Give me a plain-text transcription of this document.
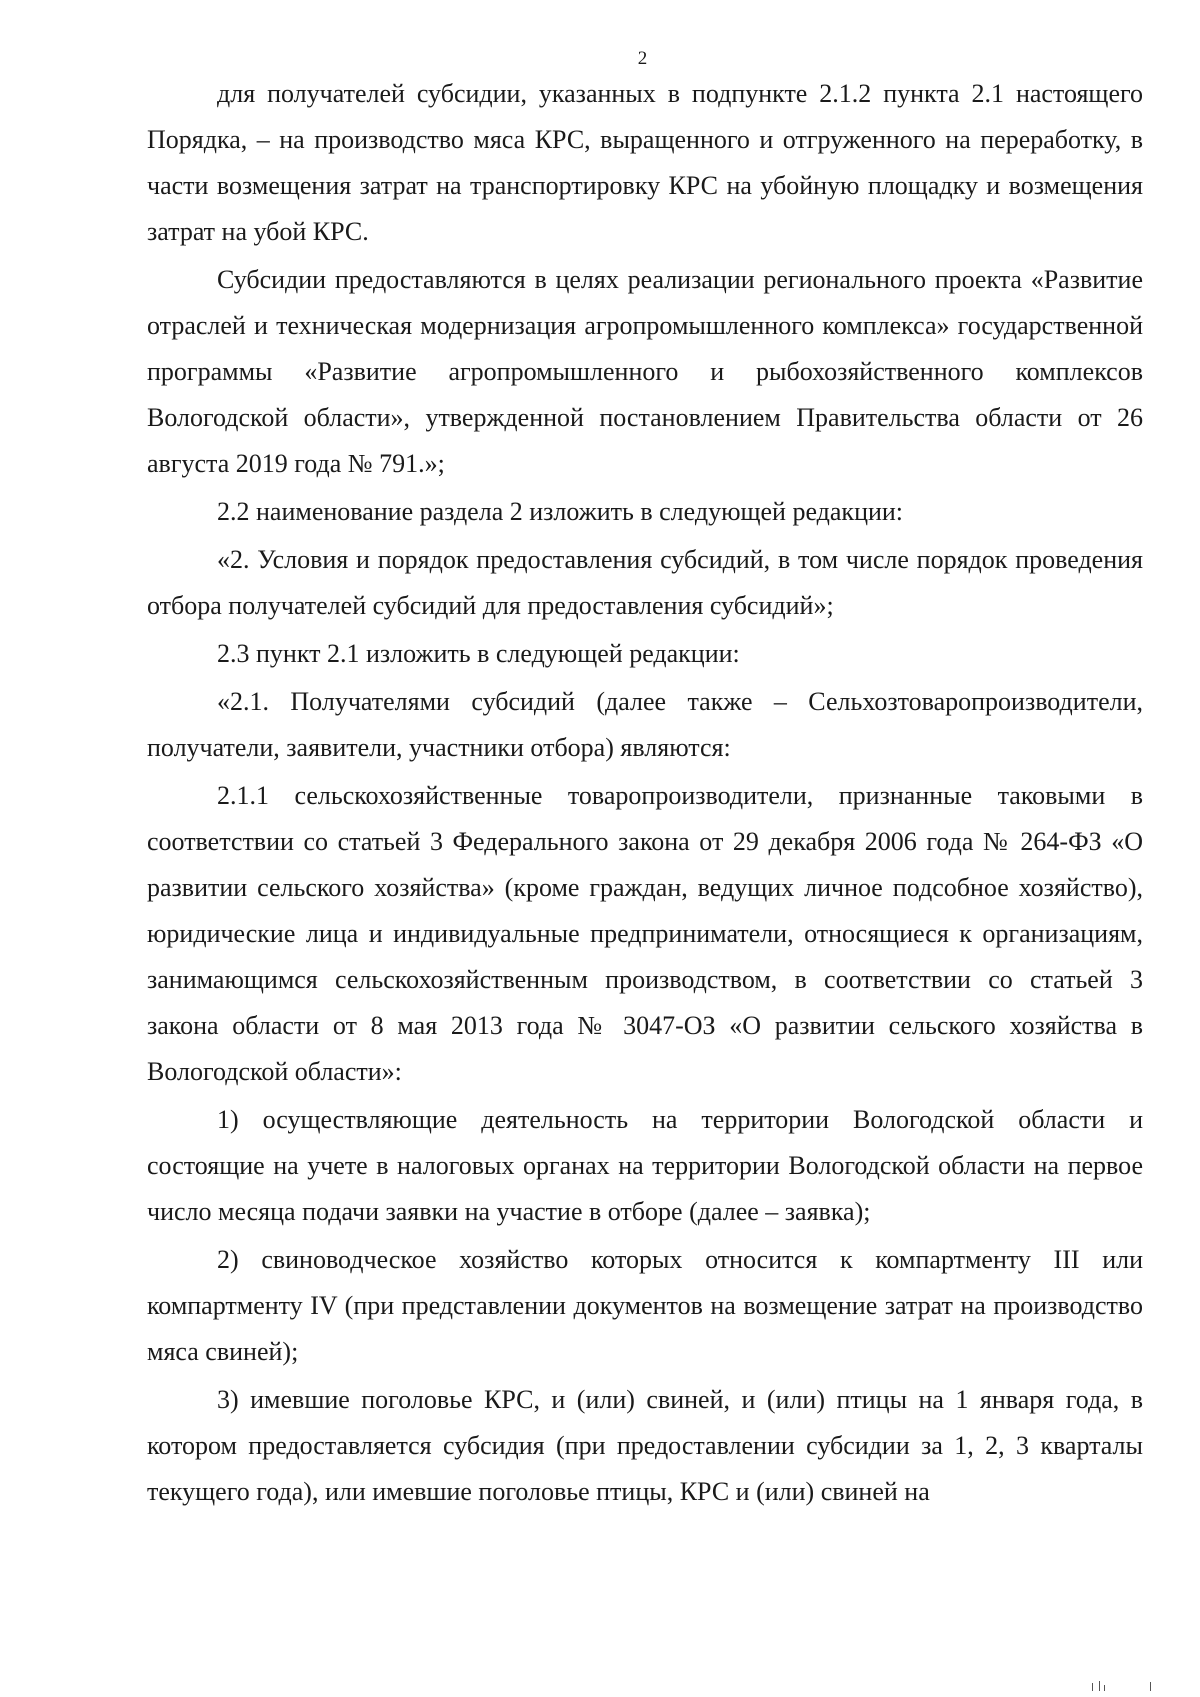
2

для получателей субсидии, указанных в подпункте 2.1.2 пункта 2.1 настоящего Порядка, – на производство мяса КРС, выращенного и отгруженного на переработку, в части возмещения затрат на транспортировку КРС на убойную площадку и возмещения затрат на убой КРС.

Субсидии предоставляются в целях реализации регионального проекта «Развитие отраслей и техническая модернизация агропромышленного комплекса» государственной программы «Развитие агропромышленного и рыбохозяйственного комплексов Вологодской области», утвержденной постановлением Правительства области от 26 августа 2019 года № 791.»;

2.2 наименование раздела 2 изложить в следующей редакции:

«2. Условия и порядок предоставления субсидий, в том числе порядок проведения отбора получателей субсидий для предоставления субсидий»;

2.3 пункт 2.1 изложить в следующей редакции:

«2.1. Получателями субсидий (далее также – Сельхозтоваропроизводители, получатели, заявители, участники отбора) являются:

2.1.1 сельскохозяйственные товаропроизводители, признанные таковыми в соответствии со статьей 3 Федерального закона от 29 декабря 2006 года № 264-ФЗ «О развитии сельского хозяйства» (кроме граждан, ведущих личное подсобное хозяйство), юридические лица и индивидуальные предприниматели, относящиеся к организациям, занимающимся сельскохозяйственным производством, в соответствии со статьей 3 закона области от 8 мая 2013 года № 3047-ОЗ «О развитии сельского хозяйства в Вологодской области»:

1) осуществляющие деятельность на территории Вологодской области и состоящие на учете в налоговых органах на территории Вологодской области на первое число месяца подачи заявки на участие в отборе (далее – заявка);

2) свиноводческое хозяйство которых относится к компартменту III или компартменту IV (при представлении документов на возмещение затрат на производство мяса свиней);

3) имевшие поголовье КРС, и (или) свиней, и (или) птицы на 1 января года, в котором предоставляется субсидия (при предоставлении субсидии за 1, 2, 3 кварталы текущего года), или имевшие поголовье птицы, КРС и (или) свиней на
